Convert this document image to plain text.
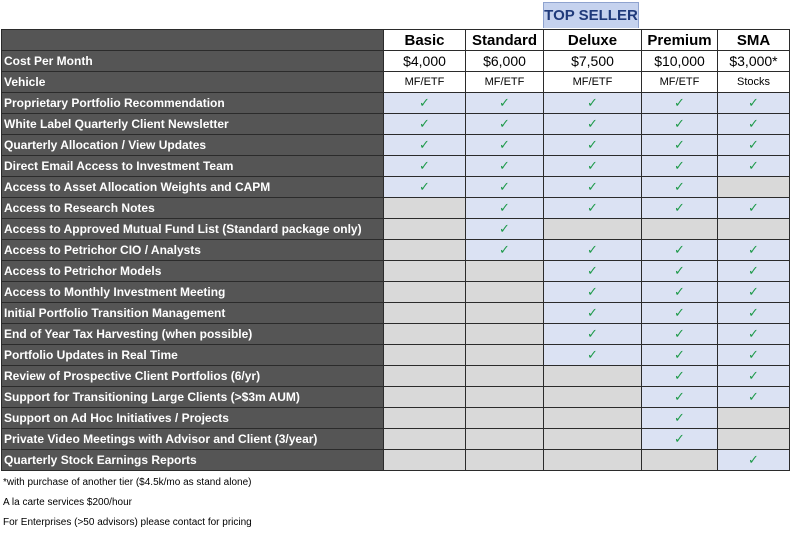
TOP SELLER
	Basic	Standard	Deluxe	Premium	SMA
Cost Per Month	$4,000	$6,000	$7,500	$10,000	$3,000*
Vehicle	MF/ETF	MF/ETF	MF/ETF	MF/ETF	Stocks
Proprietary Portfolio Recommendation	✓	✓	✓	✓	✓
White Label Quarterly Client Newsletter	✓	✓	✓	✓	✓
Quarterly Allocation / View Updates	✓	✓	✓	✓	✓
Direct Email Access to Investment Team	✓	✓	✓	✓	✓
Access to Asset Allocation Weights and CAPM	✓	✓	✓	✓	
Access to Research Notes		✓	✓	✓	✓
Access to Approved Mutual Fund List (Standard package only)		✓			
Access to Petrichor CIO / Analysts		✓	✓	✓	✓
Access to Petrichor Models			✓	✓	✓
Access to Monthly Investment Meeting			✓	✓	✓
Initial Portfolio Transition Management			✓	✓	✓
End of Year Tax Harvesting (when possible)			✓	✓	✓
Portfolio Updates in Real Time			✓	✓	✓
Review of Prospective Client Portfolios (6/yr)				✓	✓
Support for Transitioning Large Clients (>$3m AUM)				✓	✓
Support on Ad Hoc Initiatives / Projects				✓	
Private Video Meetings with Advisor and Client (3/year)				✓	
Quarterly Stock Earnings Reports					✓
*with purchase of another tier ($4.5k/mo as stand alone)
A la carte services $200/hour
For Enterprises (>50 advisors) please contact for pricing
